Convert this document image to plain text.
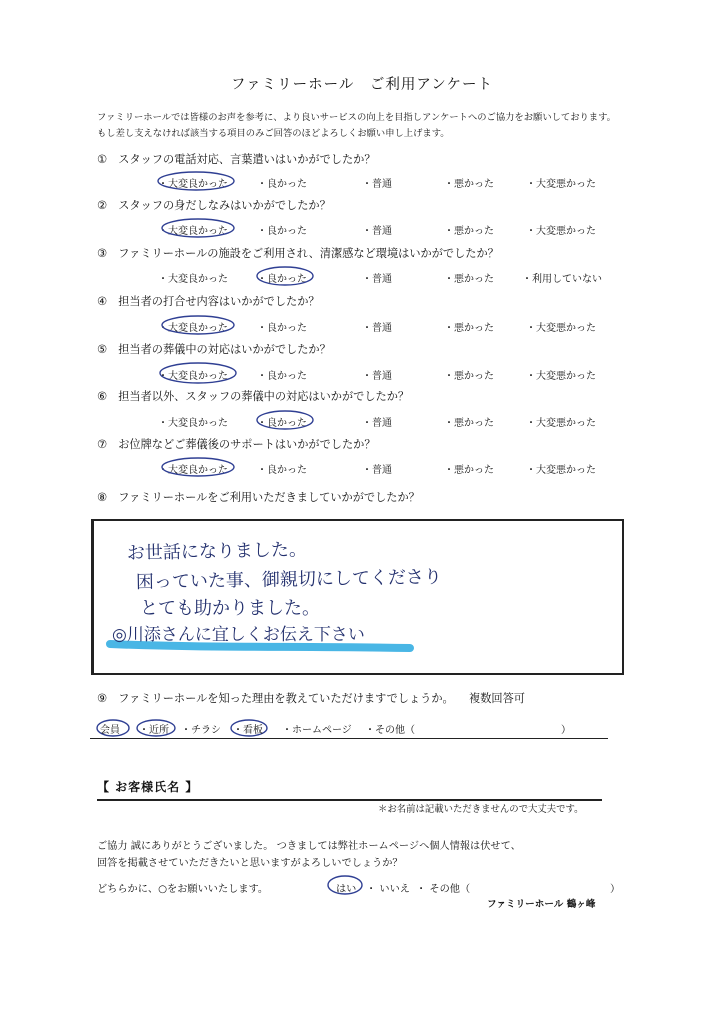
ファミリーホール　ご利用アンケート
ファミリーホールでは皆様のお声を参考に、より良いサービスの向上を目指しアンケートへのご協力をお願いしております。
もし差し支えなければ該当する項目のみご回答のほどよろしくお願い申し上げます。
①　スタッフの電話対応、言葉遣いはいかがでしたか？
・大変良かった	・良かった	・普通	・悪かった	・大変悪かった
②　スタッフの身だしなみはいかがでしたか？
・大変良かった	・良かった	・普通	・悪かった	・大変悪かった
③　ファミリーホールの施設をご利用され、清潔感など環境はいかがでしたか？
・大変良かった	・良かった	・普通	・悪かった	・利用していない
④　担当者の打合せ内容はいかがでしたか？
・大変良かった	・良かった	・普通	・悪かった	・大変悪かった
⑤　担当者の葬儀中の対応はいかがでしたか？
・大変良かった	・良かった	・普通	・悪かった	・大変悪かった
⑥　担当者以外、スタッフの葬儀中の対応はいかがでしたか？
・大変良かった	・良かった	・普通	・悪かった	・大変悪かった
⑦　お位牌などご葬儀後のサポートはいかがでしたか？
・大変良かった	・良かった	・普通	・悪かった	・大変悪かった
⑧　ファミリーホールをご利用いただきましていかがでしたか？
お世話になりました。
困っていた事、御親切にしてくださり
とても助かりました。
◎川添さんに宜しくお伝え下さい
⑨　ファミリーホールを知った理由を教えていただけますでしょうか。 複数回答可
会員 ・近所 ・チラシ ・看板 ・ホームページ ・その他（	）
【 お客様氏名 】
＊お名前は記載いただきませんので大丈夫です。
ご協力 誠にありがとうございました。 つきましては弊社ホームページへ個人情報は伏せて、
回答を掲載させていただきたいと思いますがよろしいでしょうか？
どちらかに、○をお願いいたします。	はい ・ いいえ ・ その他（	）
ファミリーホール 鶴ヶ峰
